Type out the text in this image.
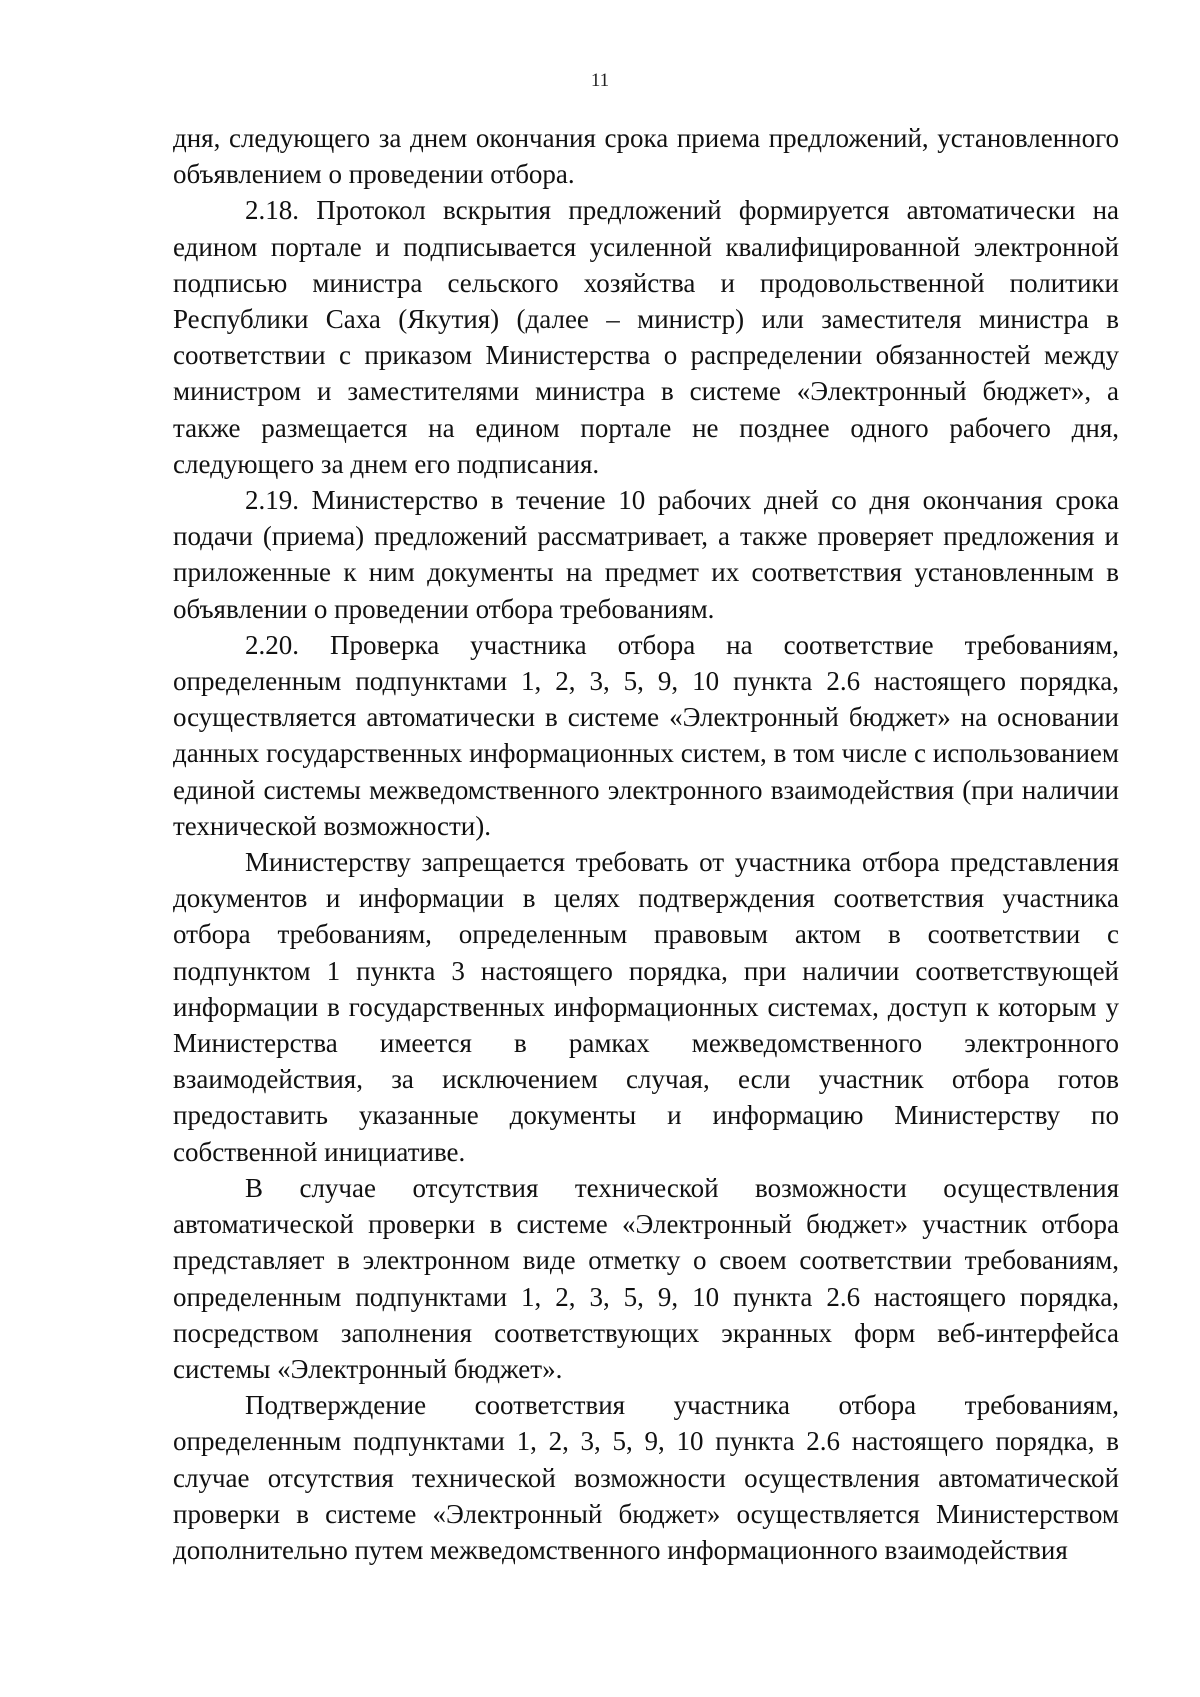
11

дня, следующего за днем окончания срока приема предложений, установленного объявлением о проведении отбора.

2.18. Протокол вскрытия предложений формируется автоматически на едином портале и подписывается усиленной квалифицированной электронной подписью министра сельского хозяйства и продовольственной политики Республики Саха (Якутия) (далее – министр) или заместителя министра в соответствии с приказом Министерства о распределении обязанностей между министром и заместителями министра в системе «Электронный бюджет», а также размещается на едином портале не позднее одного рабочего дня, следующего за днем его подписания.

2.19. Министерство в течение 10 рабочих дней со дня окончания срока подачи (приема) предложений рассматривает, а также проверяет предложения и приложенные к ним документы на предмет их соответствия установленным в объявлении о проведении отбора требованиям.

2.20. Проверка участника отбора на соответствие требованиям, определенным подпунктами 1, 2, 3, 5, 9, 10 пункта 2.6 настоящего порядка, осуществляется автоматически в системе «Электронный бюджет» на основании данных государственных информационных систем, в том числе с использованием единой системы межведомственного электронного взаимодействия (при наличии технической возможности).

Министерству запрещается требовать от участника отбора представления документов и информации в целях подтверждения соответствия участника отбора требованиям, определенным правовым актом в соответствии с подпунктом 1 пункта 3 настоящего порядка, при наличии соответствующей информации в государственных информационных системах, доступ к которым у Министерства имеется в рамках межведомственного электронного взаимодействия, за исключением случая, если участник отбора готов предоставить указанные документы и информацию Министерству по собственной инициативе.

В случае отсутствия технической возможности осуществления автоматической проверки в системе «Электронный бюджет» участник отбора представляет в электронном виде отметку о своем соответствии требованиям, определенным подпунктами 1, 2, 3, 5, 9, 10 пункта 2.6 настоящего порядка, посредством заполнения соответствующих экранных форм веб-интерфейса системы «Электронный бюджет».

Подтверждение соответствия участника отбора требованиям, определенным подпунктами 1, 2, 3, 5, 9, 10 пункта 2.6 настоящего порядка, в случае отсутствия технической возможности осуществления автоматической проверки в системе «Электронный бюджет» осуществляется Министерством дополнительно путем межведомственного информационного взаимодействия
